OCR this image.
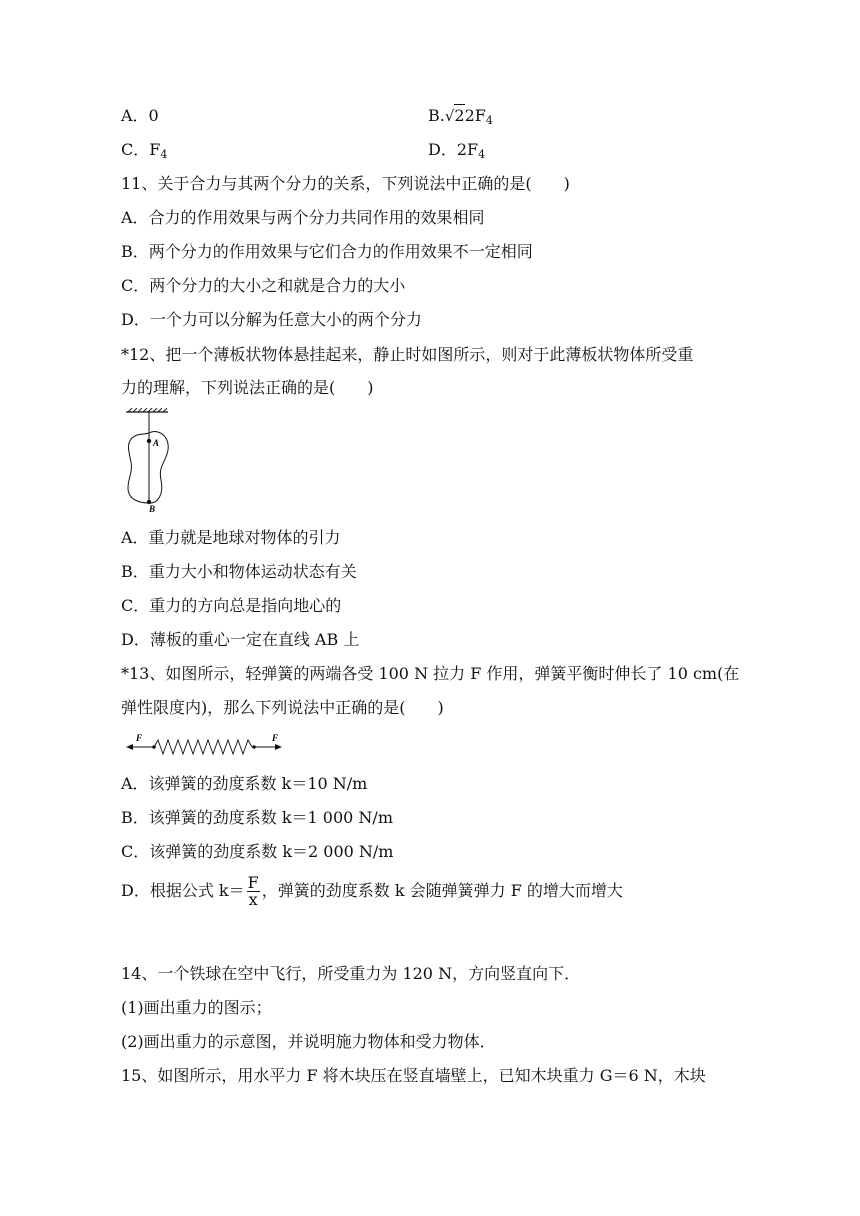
A．0	$B.√22F_4$
C．$F_4$	D．$2F_4$
11、关于合力与其两个分力的关系，下列说法中正确的是(　　)
A．合力的作用效果与两个分力共同作用的效果相同
B．两个分力的作用效果与它们合力的作用效果不一定相同
C．两个分力的大小之和就是合力的大小
D．一个力可以分解为任意大小的两个分力
*12、把一个薄板状物体悬挂起来，静止时如图所示，则对于此薄板状物体所受重
力的理解，下列说法正确的是(　　)
A
B
A．重力就是地球对物体的引力
B．重力大小和物体运动状态有关
C．重力的方向总是指向地心的
D．薄板的重心一定在直线 AB 上
*13、如图所示，轻弹簧的两端各受 100 N 拉力 F 作用，弹簧平衡时伸长了 10 cm(在
弹性限度内)，那么下列说法中正确的是(　　)
F	F
A．该弹簧的劲度系数 k＝10 N/m
B．该弹簧的劲度系数 k＝1 000 N/m
C．该弹簧的劲度系数 k＝2 000 N/m
D．根据公式 $k= \frac{F}{x}$ ，弹簧的劲度系数 k 会随弹簧弹力 F 的增大而增大
14、一个铁球在空中飞行，所受重力为 120 N，方向竖直向下．
(1)画出重力的图示；
(2)画出重力的示意图，并说明施力物体和受力物体．
15、如图所示，用水平力 F 将木块压在竖直墙壁上，已知木块重力 G＝6 N，木块
